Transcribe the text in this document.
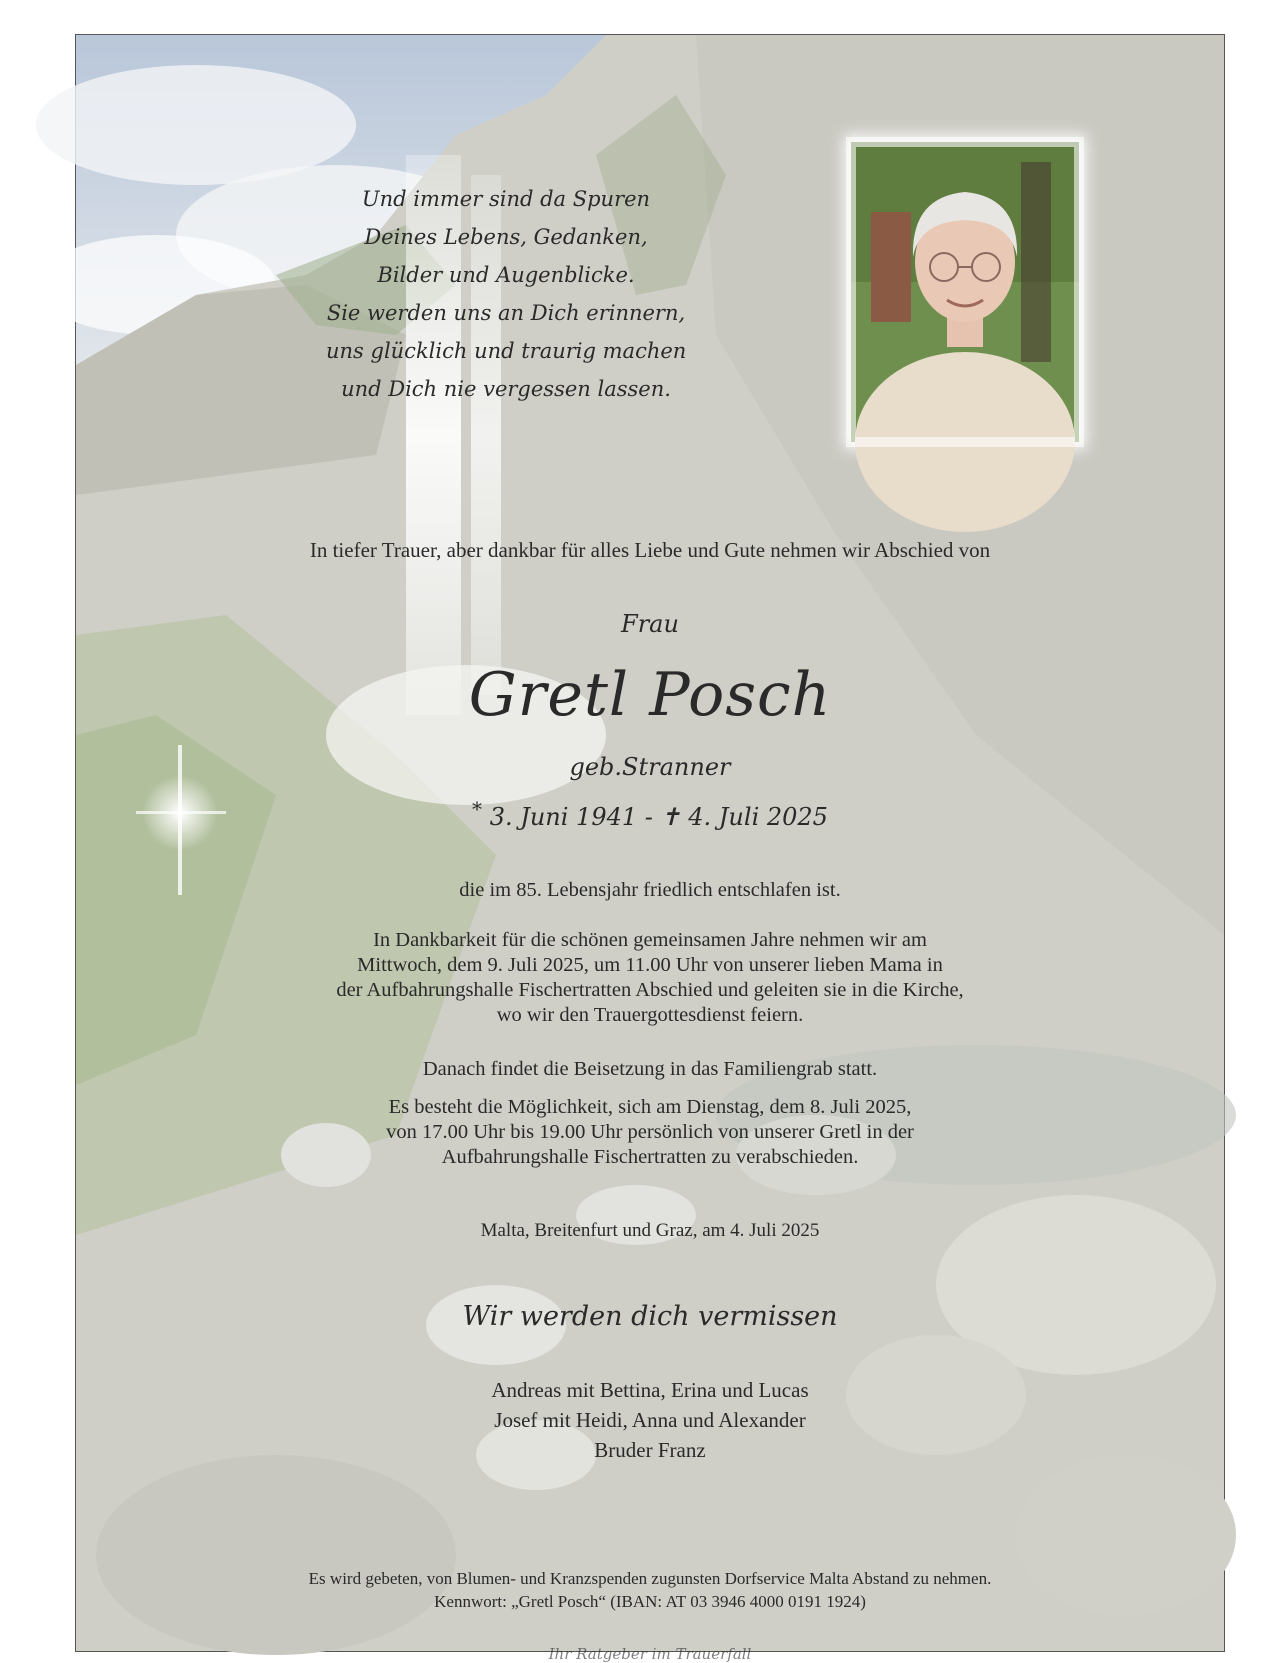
Und immer sind da Spuren
Deines Lebens, Gedanken,
Bilder und Augenblicke.
Sie werden uns an Dich erinnern,
uns glücklich und traurig machen
und Dich nie vergessen lassen.
In tiefer Trauer, aber dankbar für alles Liebe und Gute nehmen wir Abschied von
Frau
Gretl Posch
geb.Stranner
* 3. Juni 1941 - ✝ 4. Juli 2025
die im 85. Lebensjahr friedlich entschlafen ist.
In Dankbarkeit für die schönen gemeinsamen Jahre nehmen wir am
Mittwoch, dem 9. Juli 2025, um 11.00 Uhr von unserer lieben Mama in
der Aufbahrungshalle Fischertratten Abschied und geleiten sie in die Kirche,
wo wir den Trauergottesdienst feiern.
Danach findet die Beisetzung in das Familiengrab statt.
Es besteht die Möglichkeit, sich am Dienstag, dem 8. Juli 2025,
von 17.00 Uhr bis 19.00 Uhr persönlich von unserer Gretl in der
Aufbahrungshalle Fischertratten zu verabschieden.
Malta, Breitenfurt und Graz, am 4. Juli 2025
Wir werden dich vermissen
Andreas mit Bettina, Erina und Lucas
Josef mit Heidi, Anna und Alexander
Bruder Franz
Es wird gebeten, von Blumen- und Kranzspenden zugunsten Dorfservice Malta Abstand zu nehmen.
Kennwort: „Gretl Posch“ (IBAN: AT 03 3946 4000 0191 1924)
Ihr Ratgeber im Trauerfall
